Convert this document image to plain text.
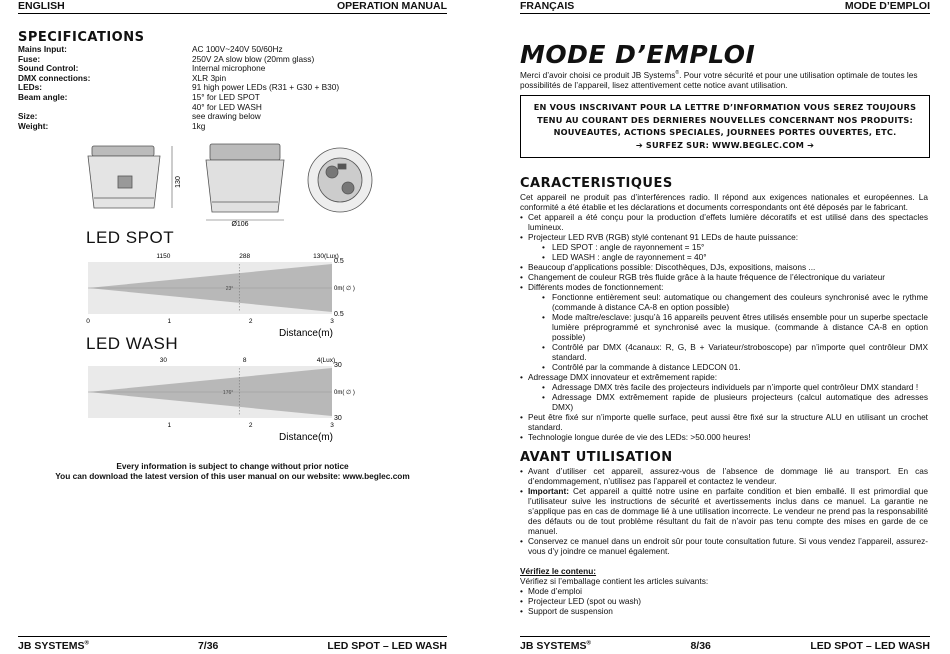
ENGLISH	OPERATION MANUAL
SPECIFICATIONS
Mains Input:	AC 100V~240V 50/60Hz
Fuse:	250V 2A slow blow (20mm glass)
Sound Control:	Internal microphone
DMX connections:	XLR 3pin
LEDs:	91 high power LEDs (R31 + G30 + B30)
Beam angle:	15° for LED SPOT
40° for LED WASH
Size:	see drawing below
Weight:	1kg
130
Ø106
LED SPOT
23°
1150	288	130(Lux)
0.5
0m( ∅ )
0.5
0	1	2	3
Distance(m)
LED WASH
176°
30	8	4(Lux)
30
0m( ∅ )
30
1	2	3
Distance(m)
Every information is subject to change without prior notice
You can download the latest version of this user manual on our website: www.beglec.com
JB SYSTEMS®	7/36	LED SPOT – LED WASH
FRANÇAIS	MODE D’EMPLOI
JB SYSTEMS®	8/36	LED SPOT – LED WASH
MODE D’EMPLOI
Merci d’avoir choisi ce produit JB Systems®. Pour votre sécurité et pour une utilisation optimale de toutes les possibilités de l’appareil, lisez attentivement cette notice avant utilisation.
EN VOUS INSCRIVANT POUR LA LETTRE D’INFORMATION VOUS SEREZ TOUJOURS
TENU AU COURANT DES DERNIERES NOUVELLES CONCERNANT NOS PRODUITS:
NOUVEAUTES, ACTIONS SPECIALES, JOURNEES PORTES OUVERTES, ETC.
➔ SURFEZ SUR: WWW.BEGLEC.COM ➔
CARACTERISTIQUES
Cet appareil ne produit pas d’interférences radio. Il répond aux exigences nationales et européennes. La conformité a été établie et les déclarations et documents correspondants ont été déposés par le fabricant.
• Cet appareil a été conçu pour la production d’effets lumière décoratifs et est utilisé dans des spectacles lumineux.
• Projecteur LED RVB (RGB) stylé contenant 91 LEDs de haute puissance:
• LED SPOT : angle de rayonnement = 15°
• LED WASH : angle de rayonnement = 40°
• Beaucoup d’applications possible: Discothèques, DJs, expositions, maisons ...
• Changement de couleur RGB très fluide grâce à la haute fréquence de l’électronique du variateur
• Différents modes de fonctionnement:
• Fonctionne entièrement seul: automatique ou changement des couleurs synchronisé avec le rythme (commande à distance CA-8 en option possible)
• Mode maître/esclave: jusqu’à 16 appareils peuvent êtres utilisés ensemble pour un superbe spectacle lumière préprogrammé et synchronisé avec la musique. (commande à distance CA-8 en option possible)
• Contrôlé par DMX (4canaux: R, G, B + Variateur/stroboscope) par n’importe quel contrôleur DMX standard.
• Contrôlé par la commande à distance LEDCON 01.
• Adressage DMX innovateur et extrêmement rapide:
• Adressage DMX très facile des projecteurs individuels par n’importe quel contrôleur DMX standard !
• Adressage DMX extrêmement rapide de plusieurs projecteurs (calcul automatique des adresses DMX)
• Peut être fixé sur n’importe quelle surface, peut aussi être fixé sur la structure ALU en utilisant un crochet standard.
• Technologie longue durée de vie des LEDs: >50.000 heures!
AVANT UTILISATION
• Avant d’utiliser cet appareil, assurez-vous de l’absence de dommage lié au transport. En cas d’endommagement, n’utilisez pas l’appareil et contactez le vendeur.
• Important: Cet appareil a quitté notre usine en parfaite condition et bien emballé. Il est primordial que l’utilisateur suive les instructions de sécurité et avertissements inclus dans ce manuel. La garantie ne s’applique pas en cas de dommage lié à une utilisation incorrecte. Le vendeur ne prend pas la responsabilité des défauts ou de tout problème résultant du fait de n’avoir pas tenu compte des mises en garde de ce manuel.
• Conservez ce manuel dans un endroit sûr pour toute consultation future. Si vous vendez l’appareil, assurez-vous d’y joindre ce manuel également.
Vérifiez le contenu:
Vérifiez si l’emballage contient les articles suivants:
• Mode d’emploi
• Projecteur LED (spot ou wash)
• Support de suspension
